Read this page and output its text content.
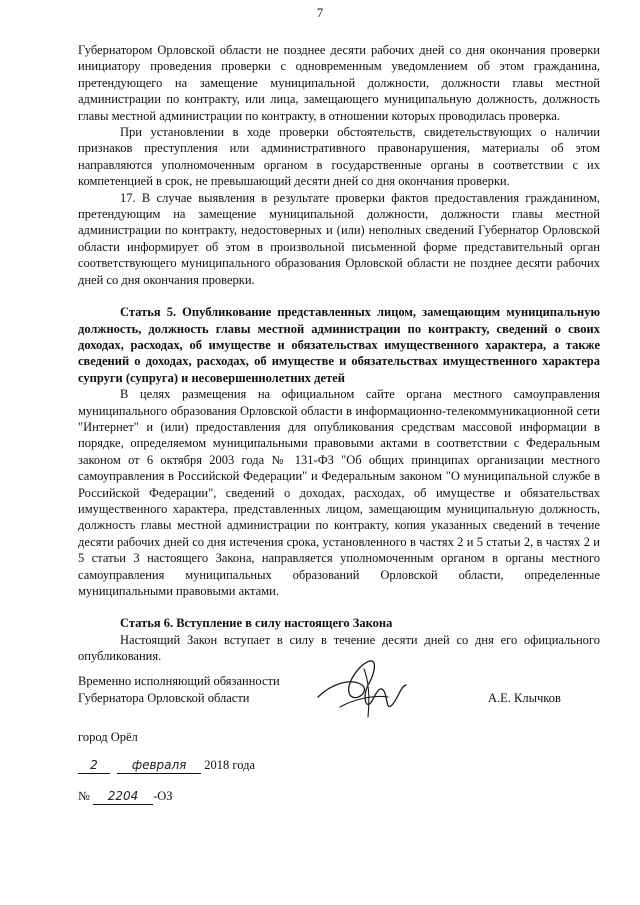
7

Губернатором Орловской области не позднее десяти рабочих дней со дня окончания проверки инициатору проведения проверки с одновременным уведомлением об этом гражданина, претендующего на замещение муниципальной должности, должности главы местной администрации по контракту, или лица, замещающего муниципальную должность, должность главы местной администрации по контракту, в отношении которых проводилась проверка.

При установлении в ходе проверки обстоятельств, свидетельствующих о наличии признаков преступления или административного правонарушения, материалы об этом направляются уполномоченным органом в государственные органы в соответствии с их компетенцией в срок, не превышающий десяти дней со дня окончания проверки.

17. В случае выявления в результате проверки фактов предоставления гражданином, претендующим на замещение муниципальной должности, должности главы местной администрации по контракту, недостоверных и (или) неполных сведений Губернатор Орловской области информирует об этом в произвольной письменной форме представительный орган соответствующего муниципального образования Орловской области не позднее десяти рабочих дней со дня окончания проверки.

Статья 5. Опубликование представленных лицом, замещающим муниципальную должность, должность главы местной администрации по контракту, сведений о своих доходах, расходах, об имуществе и обязательствах имущественного характера, а также сведений о доходах, расходах, об имуществе и обязательствах имущественного характера супруги (супруга) и несовершеннолетних детей

В целях размещения на официальном сайте органа местного самоуправления муниципального образования Орловской области в информационно-телекоммуникационной сети "Интернет" и (или) предоставления для опубликования средствам массовой информации в порядке, определяемом муниципальными правовыми актами в соответствии с Федеральным законом от 6 октября 2003 года № 131-ФЗ "Об общих принципах организации местного самоуправления в Российской Федерации" и Федеральным законом "О муниципальной службе в Российской Федерации", сведений о доходах, расходах, об имуществе и обязательствах имущественного характера, представленных лицом, замещающим муниципальную должность, должность главы местной администрации по контракту, копия указанных сведений в течение десяти рабочих дней со дня истечения срока, установленного в частях 2 и 5 статьи 2, в частях 2 и 5 статьи 3 настоящего Закона, направляется уполномоченным органом в органы местного самоуправления муниципальных образований Орловской области, определенные муниципальными правовыми актами.

Статья 6. Вступление в силу настоящего Закона

Настоящий Закон вступает в силу в течение десяти дней со дня его официального опубликования.

Временно исполняющий обязанности
Губернатора Орловской области	А.Е. Клычков
город Орёл
2	февраля 2018 года
№ 2204 -ОЗ
